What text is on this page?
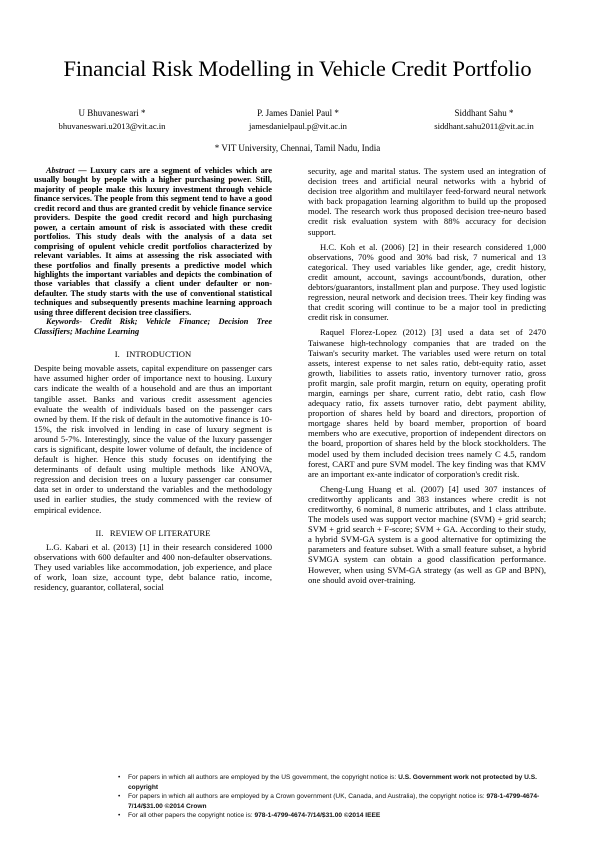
Financial Risk Modelling in Vehicle Credit Portfolio
U Bhuvaneswari *
bhuvaneswari.u2013@vit.ac.in
P. James Daniel Paul *
jamesdanielpaul.p@vit.ac.in
Siddhant Sahu *
siddhant.sahu2011@vit.ac.in
* VIT University, Chennai, Tamil Nadu, India

Abstract — Luxury cars are a segment of vehicles which are usually bought by people with a higher purchasing power. Still, majority of people make this luxury investment through vehicle finance services. The people from this segment tend to have a good credit record and thus are granted credit by vehicle finance service providers. Despite the good credit record and high purchasing power, a certain amount of risk is associated with these credit portfolios. This study deals with the analysis of a data set comprising of opulent vehicle credit portfolios characterized by relevant variables. It aims at assessing the risk associated with these portfolios and finally presents a predictive model which highlights the important variables and depicts the combination of those variables that classify a client under defaulter or non-defaulter. The study starts with the use of conventional statistical techniques and subsequently presents machine learning approach using three different decision tree classifiers.

Keywords- Credit Risk; Vehicle Finance; Decision Tree Classifiers; Machine Learning

I. INTRODUCTION

Despite being movable assets, capital expenditure on passenger cars have assumed higher order of importance next to housing. Luxury cars indicate the wealth of a household and are thus an important tangible asset. Banks and various credit assessment agencies evaluate the wealth of individuals based on the passenger cars owned by them. If the risk of default in the automotive finance is 10-15%, the risk involved in lending in case of luxury segment is around 5-7%. Interestingly, since the value of the luxury passenger cars is significant, despite lower volume of default, the incidence of default is higher. Hence this study focuses on identifying the determinants of default using multiple methods like ANOVA, regression and decision trees on a luxury passenger car consumer data set in order to understand the variables and the methodology used in earlier studies, the study commenced with the review of empirical evidence.

II. REVIEW OF LITERATURE

L.G. Kabari et al. (2013) [1] in their research considered 1000 observations with 600 defaulter and 400 non-defaulter observations. They used variables like accommodation, job experience, and place of work, loan size, account type, debt balance ratio, income, residency, guarantor, collateral, social

security, age and marital status. The system used an integration of decision trees and artificial neural networks with a hybrid of decision tree algorithm and multilayer feed-forward neural network with back propagation learning algorithm to build up the proposed model. The research work thus proposed decision tree-neuro based credit risk evaluation system with 88% accuracy for decision support.

H.C. Koh et al. (2006) [2] in their research considered 1,000 observations, 70% good and 30% bad risk, 7 numerical and 13 categorical. They used variables like gender, age, credit history, credit amount, account, savings account/bonds, duration, other debtors/guarantors, installment plan and purpose. They used logistic regression, neural network and decision trees. Their key finding was that credit scoring will continue to be a major tool in predicting credit risk in consumer.

Raquel Florez-Lopez (2012) [3] used a data set of 2470 Taiwanese high-technology companies that are traded on the Taiwan's security market. The variables used were return on total assets, interest expense to net sales ratio, debt-equity ratio, asset growth, liabilities to assets ratio, inventory turnover ratio, gross profit margin, sale profit margin, return on equity, operating profit margin, earnings per share, current ratio, debt ratio, cash flow adequacy ratio, fix assets turnover ratio, debt payment ability, proportion of shares held by board and directors, proportion of mortgage shares held by board member, proportion of board members who are executive, proportion of independent directors on the board, proportion of shares held by the block stockholders. The model used by them included decision trees namely C 4.5, random forest, CART and pure SVM model. The key finding was that KMV are an important ex-ante indicator of corporation's credit risk.

Cheng-Lung Huang et al. (2007) [4] used 307 instances of creditworthy applicants and 383 instances where credit is not creditworthy, 6 nominal, 8 numeric attributes, and 1 class attribute. The models used was support vector machine (SVM) + grid search; SVM + grid search + F-score; SVM + GA. According to their study, a hybrid SVM-GA system is a good alternative for optimizing the parameters and feature subset. With a small feature subset, a hybrid SVMGA system can obtain a good classification performance. However, when using SVM-GA strategy (as well as GP and BPN), one should avoid over-training.

• For papers in which all authors are employed by the US government, the copyright notice is: U.S. Government work not protected by U.S. copyright
• For papers in which all authors are employed by a Crown government (UK, Canada, and Australia), the copyright notice is: 978-1-4799-4674-7/14/$31.00 ©2014 Crown
• For all other papers the copyright notice is: 978-1-4799-4674-7/14/$31.00 ©2014 IEEE
